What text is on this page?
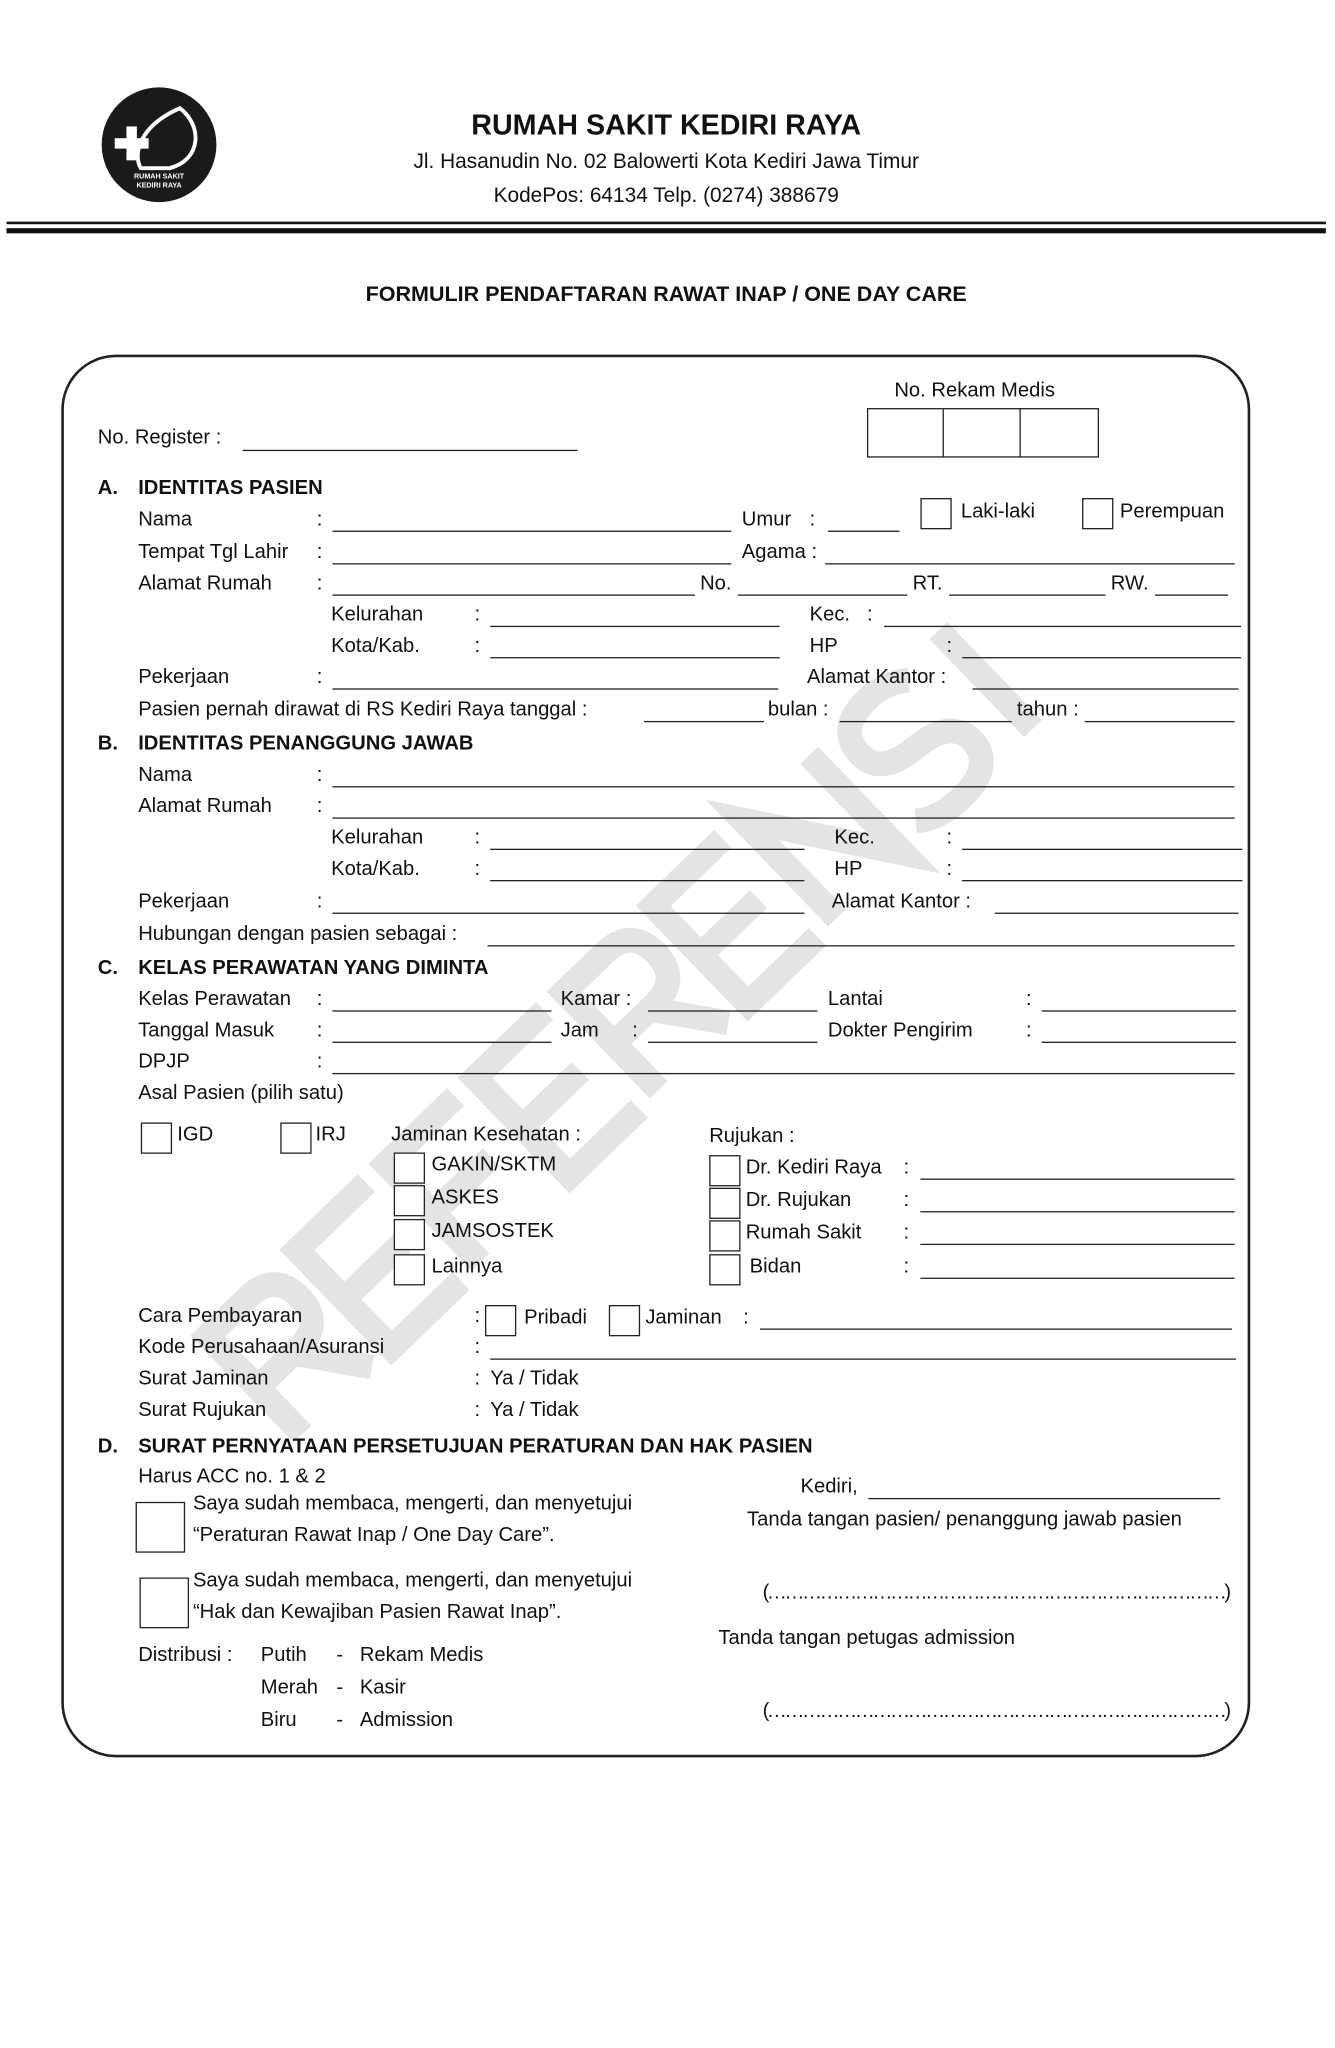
RUMAH SAKIT
KEDIRI RAYA
RUMAH SAKIT KEDIRI RAYA
Jl. Hasanudin No. 02 Balowerti Kota Kediri Jawa Timur
KodePos: 64134 Telp. (0274) 388679
FORMULIR PENDAFTARAN RAWAT INAP / ONE DAY CARE
No. Rekam Medis
No. Register :
A. IDENTITAS PASIEN
Nama	:	Umur :	Laki-laki	Perempuan
Tempat Tgl Lahir :	Agama :
Alamat Rumah	:	No.	RT.	RW.
Kelurahan	:	Kec. :
Kota/Kab.	:	HP	:
Pekerjaan	:	Alamat Kantor :
Pasien pernah dirawat di RS Kediri Raya tanggal :	bulan :	tahun :
B. IDENTITAS PENANGGUNG JAWAB
Nama	:
Alamat Rumah	:
Kelurahan	:	Kec.	:
Kota/Kab.	:	HP	:
Pekerjaan	:	Alamat Kantor :
Hubungan dengan pasien sebagai :
C. KELAS PERAWATAN YANG DIMINTA
Kelas Perawatan :	Kamar :	Lantai	:
Tanggal Masuk	:	Jam :	Dokter Pengirim	:
DPJP	:
Asal Pasien (pilih satu)
IGD	IRJ	Jaminan Kesehatan :	Rujukan :
GAKIN/SKTM
ASKES
JAMSOSTEK
Lainnya
Dr. Kediri Raya :
Dr. Rujukan	:
Rumah Sakit	:
Bidan	:
Cara Pembayaran	:	Pribadi	Jaminan :
Kode Perusahaan/Asuransi	:
Surat Jaminan	: Ya / Tidak
Surat Rujukan	: Ya / Tidak
D. SURAT PERNYATAAN PERSETUJUAN PERATURAN DAN HAK PASIEN
Harus ACC no. 1 & 2
Saya sudah membaca, mengerti, dan menyetujui
“Peraturan Rawat Inap / One Day Care”.
Saya sudah membaca, mengerti, dan menyetujui
“Hak dan Kewajiban Pasien Rawat Inap”.
Kediri,
Tanda tangan pasien/ penanggung jawab pasien
(……………………………………………………………………)
Tanda tangan petugas admission
(……………………………………………………………………)
Distribusi : Putih - Rekam Medis
Merah - Kasir
Biru	- Admission
